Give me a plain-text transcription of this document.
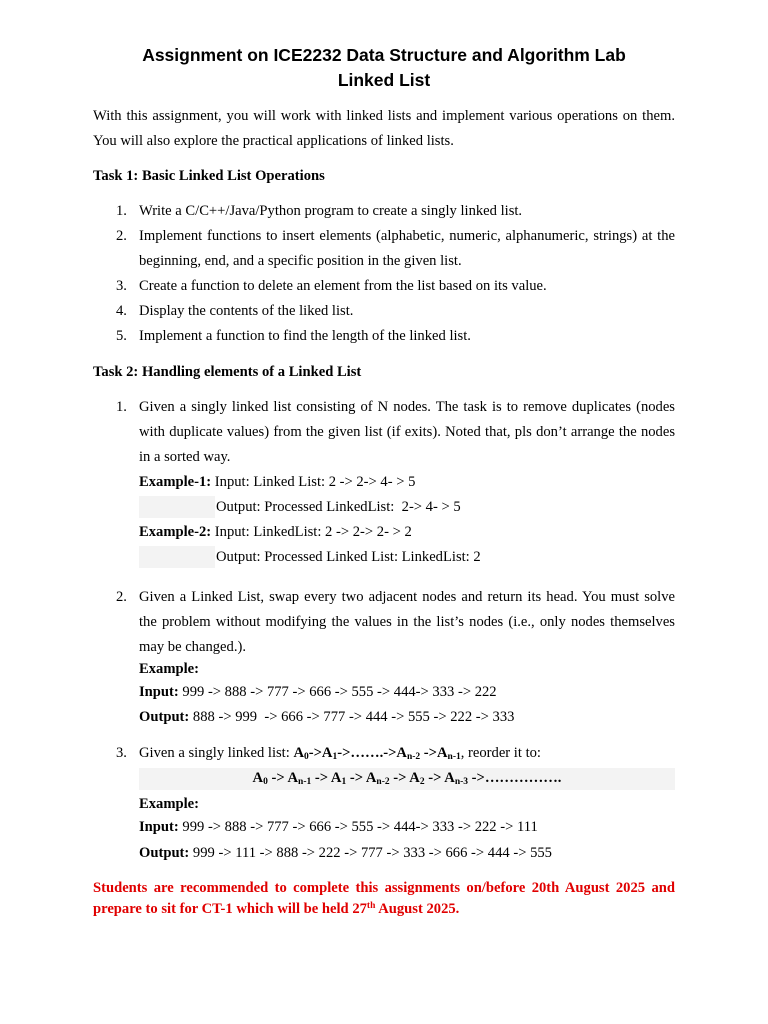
Assignment on ICE2232 Data Structure and Algorithm Lab
Linked List
With this assignment, you will work with linked lists and implement various operations on them. You will also explore the practical applications of linked lists.
Task 1: Basic Linked List Operations
1. Write a C/C++/Java/Python program to create a singly linked list.
2. Implement functions to insert elements (alphabetic, numeric, alphanumeric, strings) at the beginning, end, and a specific position in the given list.
3. Create a function to delete an element from the list based on its value.
4. Display the contents of the liked list.
5. Implement a function to find the length of the linked list.
Task 2: Handling elements of a Linked List
1. Given a singly linked list consisting of N nodes. The task is to remove duplicates (nodes with duplicate values) from the given list (if exits). Noted that, pls don’t arrange the nodes in a sorted way.
Example-1: Input: Linked List: 2 -> 2-> 4- > 5
Output: Processed LinkedList:  2-> 4- > 5
Example-2: Input: LinkedList: 2 -> 2-> 2- > 2
Output: Processed Linked List: LinkedList: 2
2. Given a Linked List, swap every two adjacent nodes and return its head. You must solve the problem without modifying the values in the list’s nodes (i.e., only nodes themselves may be changed.).
Example:
Input: 999 -> 888 -> 777 -> 666 -> 555 -> 444-> 333 -> 222
Output: 888 -> 999  -> 666 -> 777 -> 444 -> 555 -> 222 -> 333
3. Given a singly linked list: $A_0->A_1->\dots\dots.->A_{n-2}$ $->A_{n-1}$, reorder it to:
$A_0 -> A_{n-1} -> A_1 -> A_{n-2} -> A_2 -> A_{n-3}$ ->…………….
Example:
Input: 999 -> 888 -> 777 -> 666 -> 555 -> 444-> 333 -> 222 -> 111
Output: 999 -> 111 -> 888 -> 222 -> 777 -> 333 -> 666 -> 444 -> 555
Students are recommended to complete this assignments on/before 20th August 2025 and prepare to sit for CT-1 which will be held 27th August 2025.
